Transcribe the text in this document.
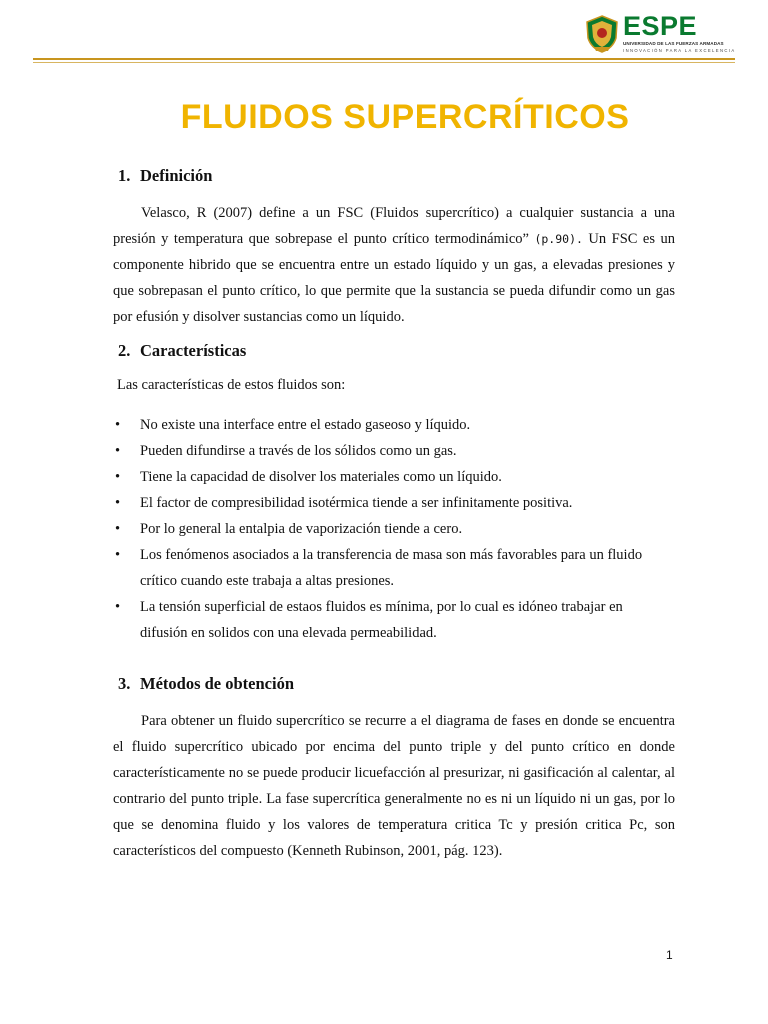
ESPE
UNIVERSIDAD DE LAS FUERZAS ARMADAS
INNOVACIÓN PARA LA EXCELENCIA
FLUIDOS SUPERCRÍTICOS
1. Definición

Velasco, R (2007) define a un FSC (Fluidos supercrítico) a cualquier sustancia a una presión y temperatura que sobrepase el punto crítico termodinámico” (p.90). Un FSC es un componente hibrido que se encuentra entre un estado líquido y un gas, a elevadas presiones y que sobrepasan el punto crítico, lo que permite que la sustancia se pueda difundir como un gas por efusión y disolver sustancias como un líquido.

2. Características
Las características de estos fluidos son:
• No existe una interface entre el estado gaseoso y líquido.
• Pueden difundirse a través de los sólidos como un gas.
• Tiene la capacidad de disolver los materiales como un líquido.
• El factor de compresibilidad isotérmica tiende a ser infinitamente positiva.
• Por lo general la entalpia de vaporización tiende a cero.
• Los fenómenos asociados a la transferencia de masa son más favorables para un fluido crítico cuando este trabaja a altas presiones.
• La tensión superficial de estaos fluidos es mínima, por lo cual es idóneo trabajar en difusión en solidos con una elevada permeabilidad.
3. Métodos de obtención

Para obtener un fluido supercrítico se recurre a el diagrama de fases en donde se encuentra el fluido supercrítico ubicado por encima del punto triple y del punto crítico en donde característicamente no se puede producir licuefacción al presurizar, ni gasificación al calentar, al contrario del punto triple. La fase supercrítica generalmente no es ni un líquido ni un gas, por lo que se denomina fluido y los valores de temperatura critica Tc y presión critica Pc, son característicos del compuesto (Kenneth Rubinson, 2001, pág. 123).

1
